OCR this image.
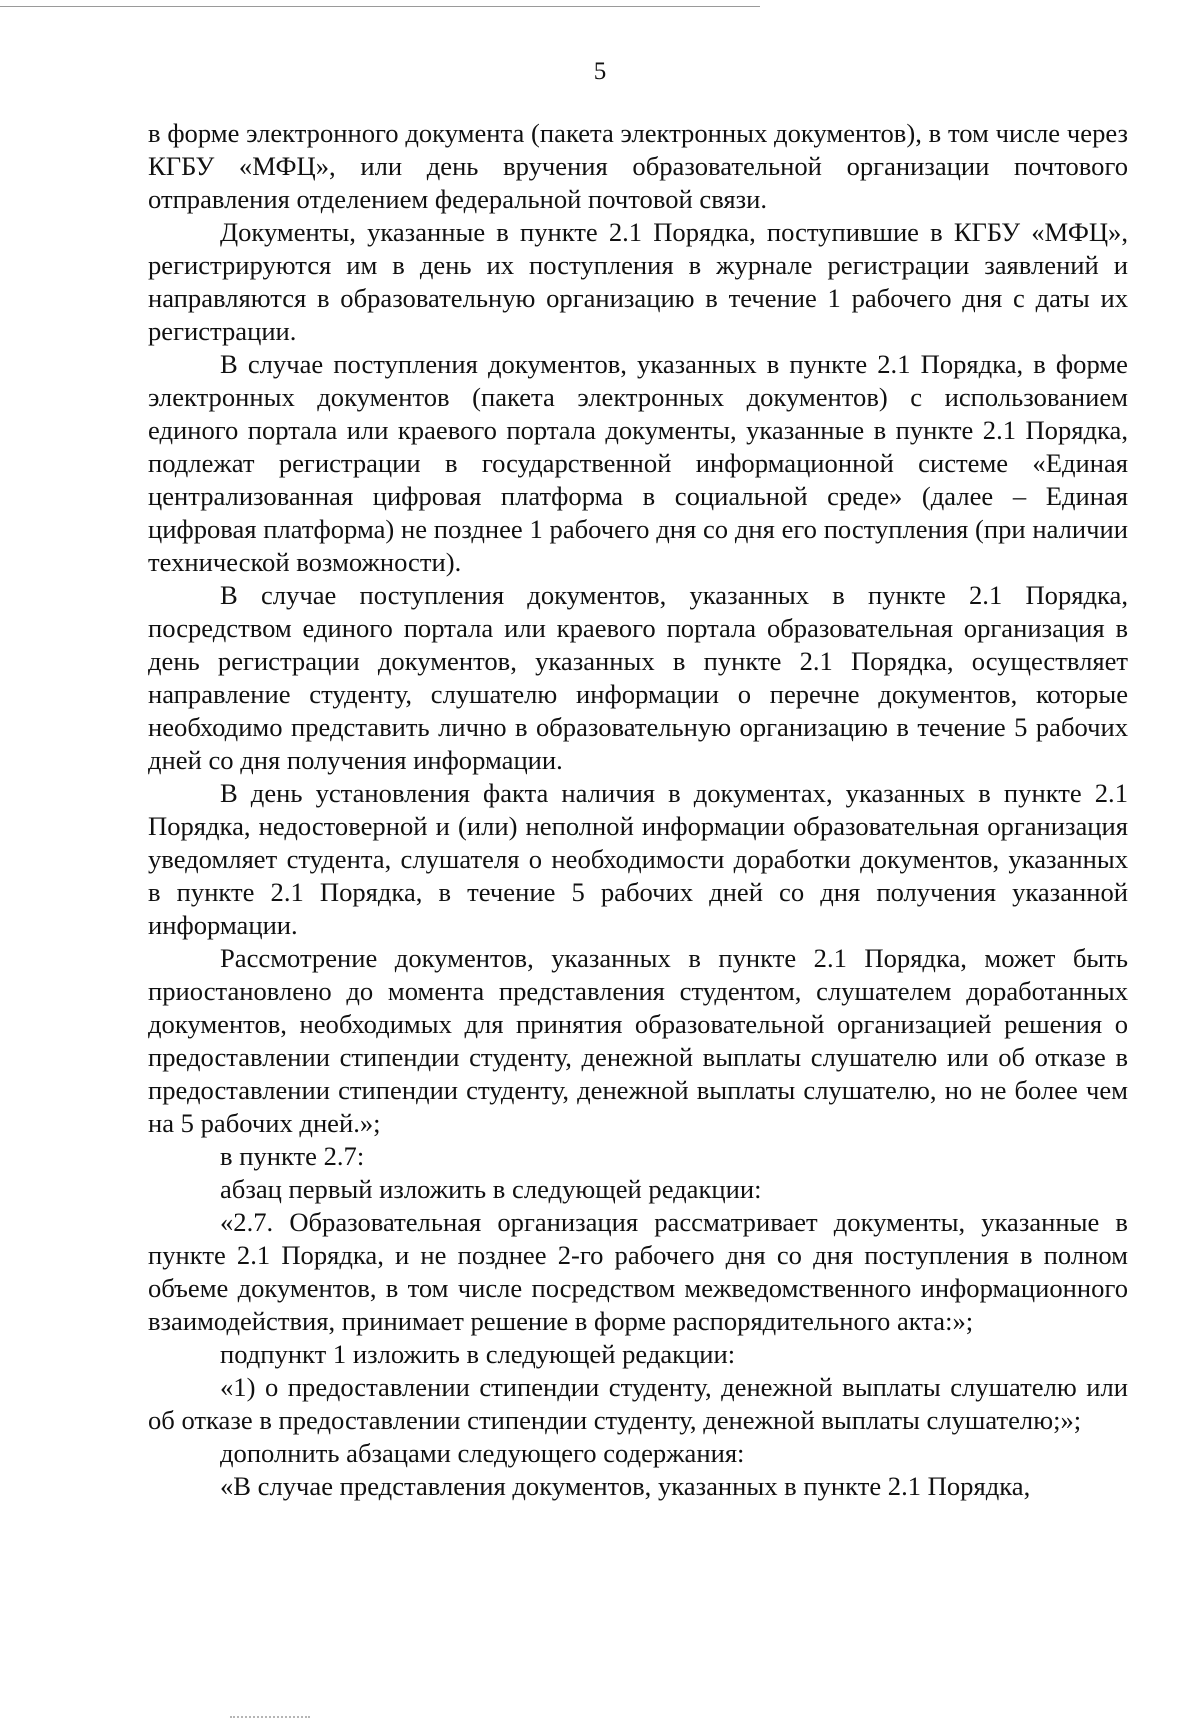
5

в форме электронного документа (пакета электронных документов), в том числе через КГБУ «МФЦ», или день вручения образовательной организации почтового отправления отделением федеральной почтовой связи.

Документы, указанные в пункте 2.1 Порядка, поступившие в КГБУ «МФЦ», регистрируются им в день их поступления в журнале регистрации заявлений и направляются в образовательную организацию в течение 1 рабочего дня с даты их регистрации.

В случае поступления документов, указанных в пункте 2.1 Порядка, в форме электронных документов (пакета электронных документов) с использованием единого портала или краевого портала документы, указанные в пункте 2.1 Порядка, подлежат регистрации в государственной информационной системе «Единая централизованная цифровая платформа в социальной среде» (далее – Единая цифровая платформа) не позднее 1 рабочего дня со дня его поступления (при наличии технической возможности).

В случае поступления документов, указанных в пункте 2.1 Порядка, посредством единого портала или краевого портала образовательная организация в день регистрации документов, указанных в пункте 2.1 Порядка, осуществляет направление студенту, слушателю информации о перечне документов, которые необходимо представить лично в образовательную организацию в течение 5 рабочих дней со дня получения информации.

В день установления факта наличия в документах, указанных в пункте 2.1 Порядка, недостоверной и (или) неполной информации образовательная организация уведомляет студента, слушателя о необходимости доработки документов, указанных в пункте 2.1 Порядка, в течение 5 рабочих дней со дня получения указанной информации.

Рассмотрение документов, указанных в пункте 2.1 Порядка, может быть приостановлено до момента представления студентом, слушателем доработанных документов, необходимых для принятия образовательной организацией решения о предоставлении стипендии студенту, денежной выплаты слушателю или об отказе в предоставлении стипендии студенту, денежной выплаты слушателю, но не более чем на 5 рабочих дней.»;

в пункте 2.7:

абзац первый изложить в следующей редакции:

«2.7. Образовательная организация рассматривает документы, указанные в пункте 2.1 Порядка, и не позднее 2-го рабочего дня со дня поступления в полном объеме документов, в том числе посредством межведомственного информационного взаимодействия, принимает решение в форме распорядительного акта:»;

подпункт 1 изложить в следующей редакции:

«1) о предоставлении стипендии студенту, денежной выплаты слушателю или об отказе в предоставлении стипендии студенту, денежной выплаты слушателю;»;

дополнить абзацами следующего содержания:

«В случае представления документов, указанных в пункте 2.1 Порядка,
